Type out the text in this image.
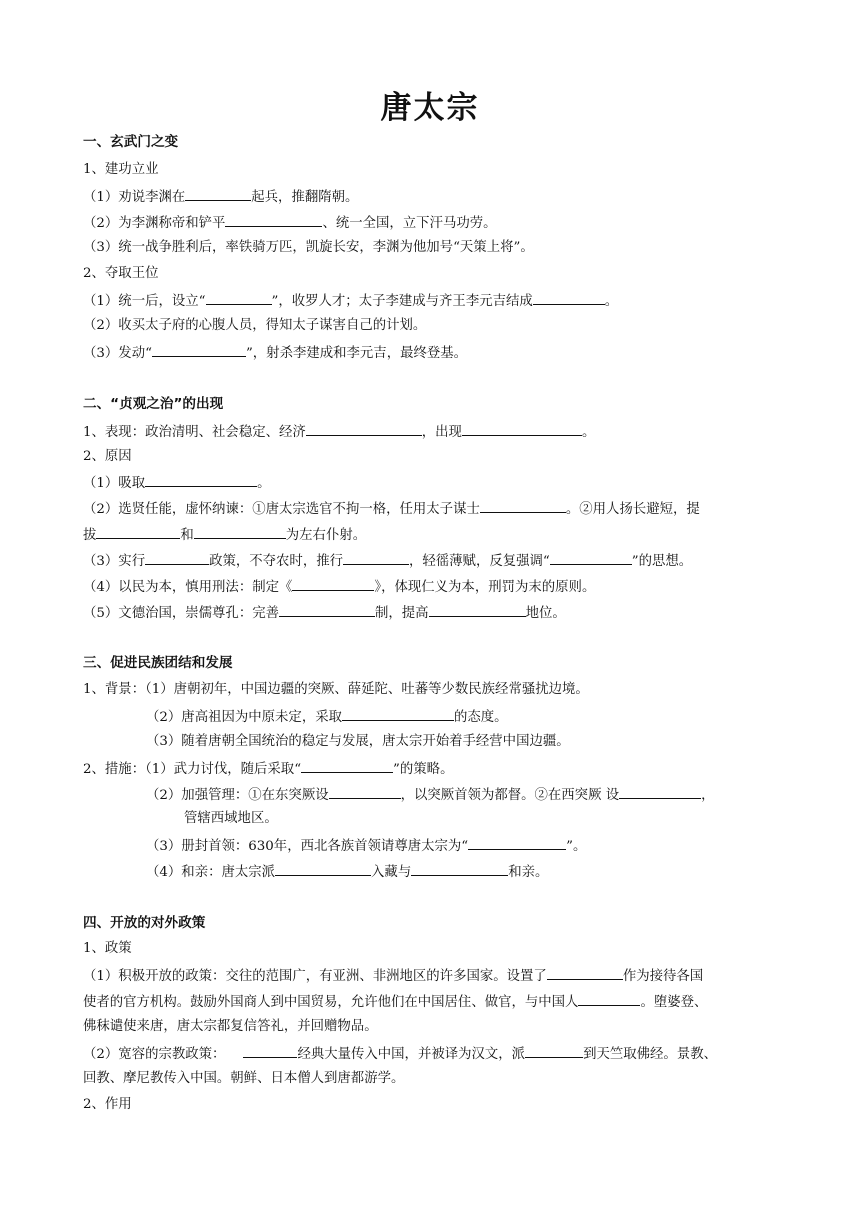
唐太宗
一、玄武门之变
1、建功立业
（1）劝说李渊在	起兵，推翻隋朝。
（2）为李渊称帝和铲平	、统一全国，立下汗马功劳。
（3）统一战争胜利后，率铁骑万匹，凯旋长安，李渊为他加号“天策上将”。
2、夺取王位
（1）统一后，设立“	”，收罗人才；太子李建成与齐王李元吉结成	。
（2）收买太子府的心腹人员，得知太子谋害自己的计划。
（3）发动“	”，射杀李建成和李元吉，最终登基。
二、“贞观之治”的出现
1、表现：政治清明、社会稳定、经济	，出现	。
2、原因
（1）吸取	。
（2）选贤任能，虚怀纳谏：①唐太宗选官不拘一格，任用太子谋士	。②用人扬长避短，提
拔	和	为左右仆射。
（3）实行	政策，不夺农时，推行	，轻徭薄赋，反复强调“	”的思想。
（4）以民为本，慎用刑法：制定《	》，体现仁义为本，刑罚为末的原则。
（5）文德治国，崇儒尊孔：完善	制，提高	地位。
三、促进民族团结和发展
1、背景：（1）唐朝初年，中国边疆的突厥、薛延陀、吐蕃等少数民族经常骚扰边境。
（2）唐高祖因为中原未定，采取	的态度。
（3）随着唐朝全国统治的稳定与发展，唐太宗开始着手经营中国边疆。
2、措施：（1）武力讨伐，随后采取“	”的策略。
（2）加强管理：①在东突厥设	，以突厥首领为都督。②在西突厥 设	，
管辖西域地区。
（3）册封首领：630年，西北各族首领请尊唐太宗为“	”。
（4）和亲：唐太宗派	入藏与	和亲。
四、开放的对外政策
1、政策
（1）积极开放的政策：交往的范围广，有亚洲、非洲地区的许多国家。设置了	作为接待各国
使者的官方机构。鼓励外国商人到中国贸易，允许他们在中国居住、做官，与中国人	。堕婆登、
佛秣谴使来唐，唐太宗都复信答礼，并回赠物品。
（2）宽容的宗教政策：	经典大量传入中国，并被译为汉文，派	到天竺取佛经。景教、
回教、摩尼教传入中国。朝鲜、日本僧人到唐都游学。
2、作用
